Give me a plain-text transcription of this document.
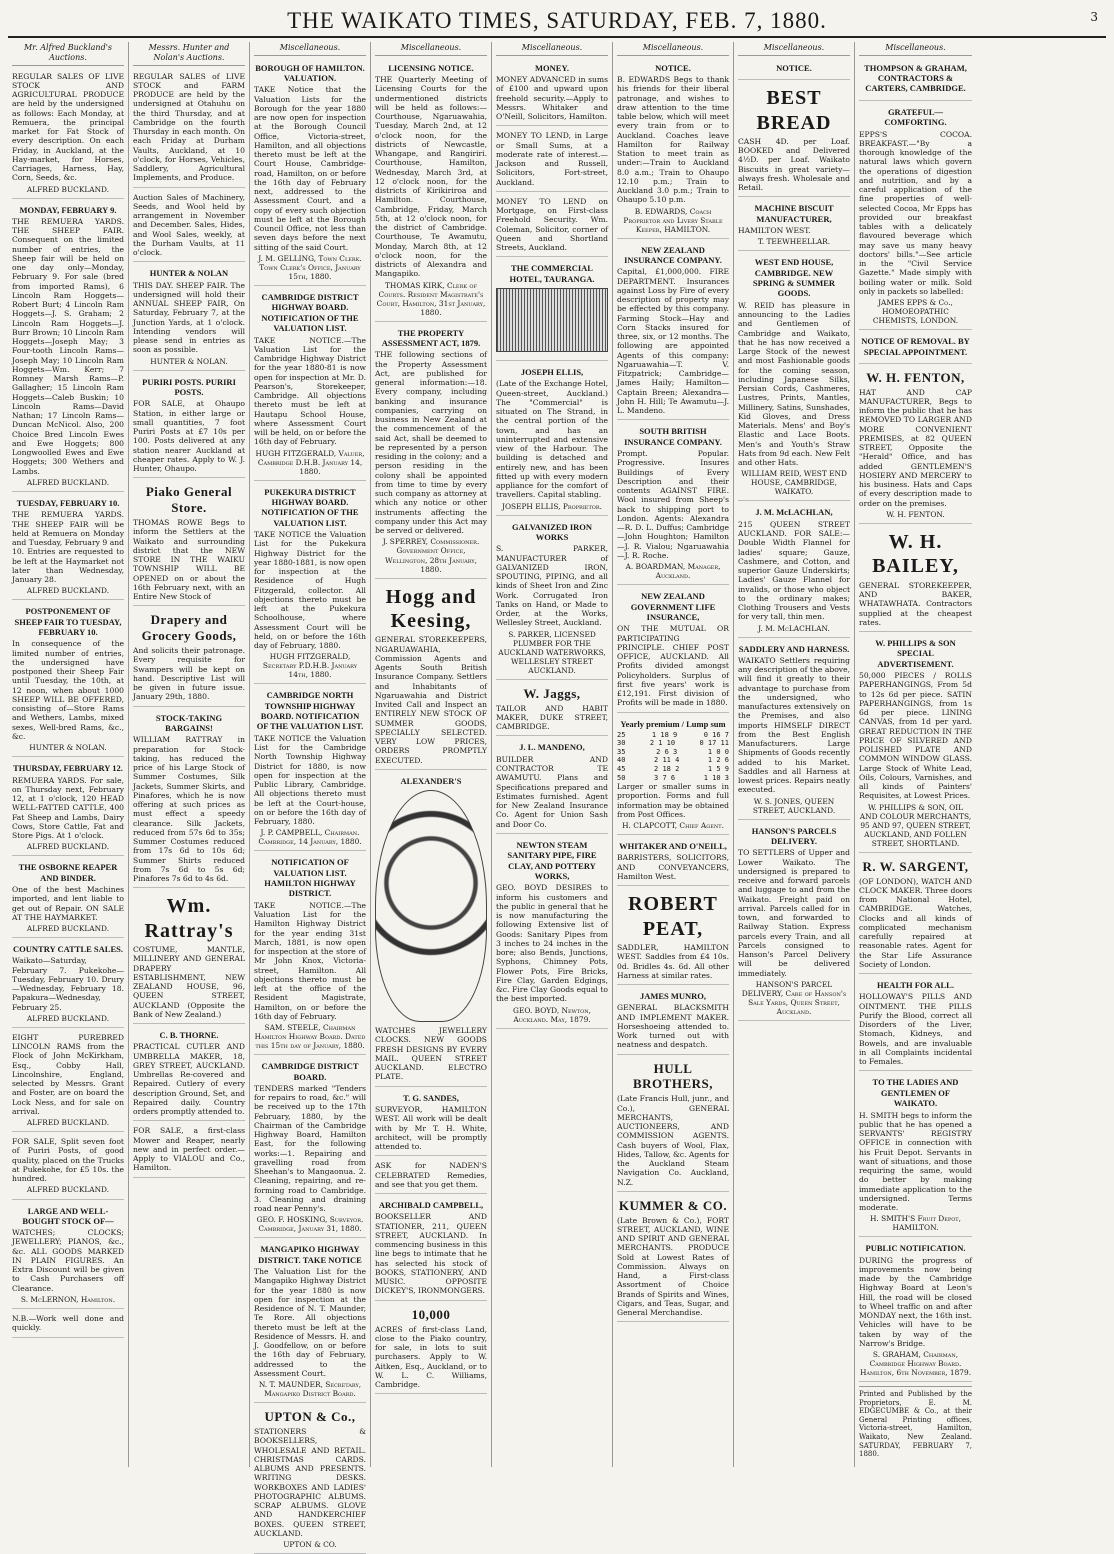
THE WAIKATO TIMES, SATURDAY, FEB. 7, 1880.	3
Mr. Alfred Buckland's Auctions.

REGULAR SALES OF LIVE STOCK AND AGRICULTURAL PRODUCE are held by the undersigned as follows: Each Monday, at Remuera, the principal market for Fat Stock of every description. On each Friday, in Auckland, at the Hay-market, for Horses, Carriages, Harness, Hay, Corn, Seeds, &c.

ALFRED BUCKLAND.
MONDAY, FEBRUARY 9.

THE REMUERA YARDS. THE SHEEP FAIR. Consequent on the limited number of entries, the Sheep fair will be held on one day only—Monday, February 9. For sale (bred from imported Rams), 6 Lincoln Ram Hoggets—Robert Burt; 4 Lincoln Ram Hoggets—J. S. Graham; 2 Lincoln Ram Hoggets—J. Burr Brown; 10 Lincoln Ram Hoggets—Joseph May; 3 Four-tooth Lincoln Rams—Joseph May; 10 Lincoln Ram Hoggets—Wm. Kerr; 7 Romney Marsh Rams—P. Gallagher; 15 Lincoln Ram Hoggets—Caleb Buskin; 10 Lincoln Rams—David Nathan; 17 Lincoln Rams—Duncan McNicol. Also, 200 Choice Bred Lincoln Ewes and Ewe Hoggets; 800 Longwoolled Ewes and Ewe Hoggets; 300 Wethers and Lambs.

ALFRED BUCKLAND.
TUESDAY, FEBRUARY 10.

THE REMUERA YARDS. THE SHEEP FAIR will be held at Remuera on Monday and Tuesday, February 9 and 10. Entries are requested to be left at the Haymarket not later than Wednesday, January 28.

ALFRED BUCKLAND.
POSTPONEMENT OF SHEEP FAIR TO TUESDAY, FEBRUARY 10.

In consequence of the limited number of entries, the undersigned have postponed their Sheep Fair until Tuesday, the 10th, at 12 noon, when about 1000 SHEEP WILL BE OFFERED, consisting of—Store Rams and Wethers, Lambs, mixed sexes, Well-bred Rams, &c., &c.

HUNTER & NOLAN.
THURSDAY, FEBRUARY 12.

REMUERA YARDS. For sale, on Thursday next, February 12, at 1 o'clock, 120 HEAD WELL-FATTED CATTLE, 400 Fat Sheep and Lambs, Dairy Cows, Store Cattle, Fat and Store Pigs. At 1 o'clock.

ALFRED BUCKLAND.
THE OSBORNE REAPER AND BINDER.

One of the best Machines imported, and lent liable to get out of Repair. ON SALE AT THE HAYMARKET.

ALFRED BUCKLAND.
COUNTRY CATTLE SALES.

Waikato—Saturday, February 7. Pukekohe—Tuesday, February 10. Drury—Wednesday, February 18. Papakura—Wednesday, February 25.

ALFRED BUCKLAND.

EIGHT PUREBRED LINCOLN RAMS from the Flock of John McKirkham, Esq., Cobby Hall, Lincolnshire, England, selected by Messrs. Grant and Foster, are on board the Lock Ness, and for sale on arrival.

ALFRED BUCKLAND.

FOR SALE, Split seven foot of Puriri Posts, of good quality, placed on the Trucks at Pukekohe, for £5 10s. the hundred.

ALFRED BUCKLAND.
LARGE AND WELL-BOUGHT STOCK OF—

WATCHES; CLOCKS; JEWELLERY; PIANOS, &c., &c. ALL GOODS MARKED IN PLAIN FIGURES. An Extra Discount will be given to Cash Purchasers off Clearance.

S. McLERNON, Hamilton.

N.B.—Work well done and quickly.

Messrs. Hunter and Nolan's Auctions.

REGULAR SALES of LIVE STOCK and FARM PRODUCE are held by the undersigned at Otahuhu on the third Thursday, and at Cambridge on the fourth Thursday in each month. On each Friday at Durham Vaults, Auckland, at 10 o'clock, for Horses, Vehicles, Saddlery, Agricultural Implements, and Produce.

Auction Sales of Machinery, Seeds, and Wool held by arrangement in November and December. Sales, Hides, and Wool Sales, weekly, at the Durham Vaults, at 11 o'clock.

HUNTER & NOLAN

THIS DAY. SHEEP FAIR. The undersigned will hold their ANNUAL SHEEP FAIR, On Saturday, February 7, at the Junction Yards, at 1 o'clock. Intending vendors will please send in entries as soon as possible.

HUNTER & NOLAN.
PURIRI POSTS. PURIRI POSTS.

FOR SALE, at Ohaupo Station, in either large or small quantities, 7 foot Puriri Posts at £7 10s per 100. Posts delivered at any station nearer Auckland at cheaper rates. Apply to W. J. Hunter, Ohaupo.

Piako General Store.

THOMAS ROWE Begs to inform the Settlers at the Waikato and surrounding district that the NEW STORE IN THE WAIKU TOWNSHIP WILL BE OPENED on or about the 16th February next, with an Entire New Stock of

Drapery and Grocery Goods,

And solicits their patronage. Every requisite for Swampers will be kept on hand. Descriptive List will be given in future issue. January 29th, 1880.

STOCK-TAKING BARGAINS!

WILLIAM RATTRAY in preparation for Stock-taking, has reduced the price of his Large Stock of Summer Costumes, Silk Jackets, Summer Skirts, and Pinafores, which he is now offering at such prices as must effect a speedy clearance. Silk Jackets, reduced from 57s 6d to 35s; Summer Costumes reduced from 17s 6d to 10s 6d; Summer Shirts reduced from 7s 6d to 5s 6d; Pinafores 7s 6d to 4s 6d.

Wm. Rattray's

COSTUME, MANTLE, MILLINERY AND GENERAL DRAPERY ESTABLISHMENT, NEW ZEALAND HOUSE, 96, QUEEN STREET, AUCKLAND (Opposite the Bank of New Zealand.)

C. B. THORNE.

PRACTICAL CUTLER AND UMBRELLA MAKER, 18, GREY STREET, AUCKLAND. Umbrellas Re-covered and Repaired. Cutlery of every description Ground, Set, and Repaired daily. Country orders promptly attended to.

FOR SALE, a first-class Mower and Reaper, nearly new and in perfect order.—Apply to VIALOU and Co., Hamilton.

Miscellaneous.
BOROUGH OF HAMILTON. VALUATION.

TAKE Notice that the Valuation Lists for the Borough for the year 1880 are now open for inspection at the Borough Council Office, Victoria-street, Hamilton, and all objections thereto must be left at the Court House, Cambridge-road, Hamilton, on or before the 16th day of February next, addressed to the Assessment Court, and a copy of every such objection must be left at the Borough Council Office, not less than seven days before the next sitting of the said Court.

J. M. GELLING, Town Clerk. Town Clerk's Office, January 15th, 1880.
CAMBRIDGE DISTRICT HIGHWAY BOARD. NOTIFICATION OF THE VALUATION LIST.

TAKE NOTICE.—The Valuation List for the Cambridge Highway District for the year 1880-81 is now open for inspection at Mr. D. Pearson's, Storekeeper, Cambridge. All objections thereto must be left at Hautapu School House, where Assessment Court will be held, on or before the 16th day of February.

HUGH FITZGERALD, Valuer, Cambridge D.H.B. January 14, 1880.
PUKEKURA DISTRICT HIGHWAY BOARD. NOTIFICATION OF THE VALUATION LIST.

TAKE NOTICE the Valuation List for the Pukekura Highway District for the year 1880-1881, is now open for inspection at the Residence of Hugh Fitzgerald, collector. All objections thereto must be left at the Pukekura Schoolhouse, where Assessment Court will be held, on or before the 16th day of February, 1880.

HUGH FITZGERALD, Secretary P.D.H.B. January 14th, 1880.
CAMBRIDGE NORTH TOWNSHIP HIGHWAY BOARD. NOTIFICATION OF THE VALUATION LIST.

TAKE NOTICE the Valuation List for the Cambridge North Township Highway District for 1880, is now open for inspection at the Public Library, Cambridge. All objections thereto must be left at the Court-house, on or before the 16th day of February, 1880.

J. P. CAMPBELL, Chairman. Cambridge, 14 January, 1880.
NOTIFICATION OF VALUATION LIST. HAMILTON HIGHWAY DISTRICT.

TAKE NOTICE.—The Valuation List for the Hamilton Highway District for the year ending 31st March, 1881, is now open for inspection at the store of Mr John Knox, Victoria-street, Hamilton. All objections thereto must be left at the office of the Resident Magistrate, Hamilton, on or before the 16th day of February.

SAM. STEELE, Chairman Hamilton Highway Board. Dated this 15th day of January, 1880.
CAMBRIDGE DISTRICT BOARD.

TENDERS marked "Tenders for repairs to road, &c." will be received up to the 17th February, 1880, by the Chairman of the Cambridge Highway Board, Hamilton East, for the following works:—1. Repairing and gravelling road from Sheehan's to Mangaonua. 2. Cleaning, repairing, and re-forming road to Cambridge. 3. Cleaning and draining road near Penny's.

GEO. F. HOSKING, Surveyor. Cambridge, January 31, 1880.
MANGAPIKO HIGHWAY DISTRICT. TAKE NOTICE

The Valuation List for the Mangapiko Highway District for the year 1880 is now open for inspection at the Residence of N. T. Maunder, Te Rore. All objections thereto must be left at the Residence of Messrs. H. and J. Goodfellow, on or before the 16th day of February, addressed to the Assessment Court.

N. T. MAUNDER, Secretary, Mangapiko District Board.
UPTON & Co.,

STATIONERS & BOOKSELLERS, WHOLESALE AND RETAIL. CHRISTMAS CARDS. ALBUMS AND PRESENTS. WRITING DESKS. WORKBOXES AND LADIES' PHOTOGRAPHIC ALBUMS. SCRAP ALBUMS. GLOVE AND HANDKERCHIEF BOXES. QUEEN STREET, AUCKLAND.

UPTON & CO.
Miscellaneous.
LICENSING NOTICE.

THE Quarterly Meeting of Licensing Courts for the undermentioned districts will be held as follows:—Courthouse, Ngaruawahia, Tuesday, March 2nd, at 12 o'clock noon, for the districts of Newcastle, Whangape, and Rangiriri. Courthouse, Hamilton, Wednesday, March 3rd, at 12 o'clock noon, for the districts of Kirikiriroa and Hamilton. Courthouse, Cambridge, Friday, March 5th, at 12 o'clock noon, for the district of Cambridge. Courthouse, Te Awamutu, Monday, March 8th, at 12 o'clock noon, for the districts of Alexandra and Mangapiko.

THOMAS KIRK, Clerk of Courts. Resident Magistrate's Court, Hamilton, 31st January, 1880.
THE PROPERTY ASSESSMENT ACT, 1879.

THE following sections of the Property Assessment Act, are published for general information:—18. Every company, including banking and insurance companies, carrying on business in New Zealand at the commencement of the said Act, shall be deemed to be represented by a person residing in the colony; and a person residing in the colony shall be appointed from time to time by every such company as attorney at which any notice or other instruments affecting the company under this Act may be served or delivered.

J. SPERREY, Commissioner. Government Office, Wellington, 28th January, 1880.
Hogg and Keesing,

GENERAL STOREKEEPERS, NGARUAWAHIA, Commission Agents and Agents South British Insurance Company. Settlers and Inhabitants of Ngaruawahia and District Invited Call and Inspect an ENTIRELY NEW STOCK OF SUMMER GOODS, SPECIALLY SELECTED. VERY LOW PRICES, ORDERS PROMPTLY EXECUTED.

ALEXANDER'S

WATCHES JEWELLERY CLOCKS. NEW GOODS FRESH DESIGNS BY EVERY MAIL. QUEEN STREET AUCKLAND. ELECTRO PLATE.

T. G. SANDES,

SURVEYOR, HAMILTON WEST. All work will be dealt with by Mr T. H. White, architect, will be promptly attended to.

ASK for NADEN'S CELEBRATED Remedies, and see that you get them.

ARCHIBALD CAMPBELL,

BOOKSELLER AND STATIONER, 211, QUEEN STREET, AUCKLAND. In commencing business in this line begs to intimate that he has selected his stock of BOOKS, STATIONERY, AND MUSIC. OPPOSITE DICKEY'S, IRONMONGERS.

10,000

ACRES of first-class Land, close to the Piako country, for sale, in lots to suit purchasers. Apply to W. Aitken, Esq., Auckland, or to W. L. C. Williams, Cambridge.

Miscellaneous.
MONEY.

MONEY ADVANCED in sums of £100 and upward upon freehold security.—Apply to Messrs. Whitaker and O'Neill, Solicitors, Hamilton.

MONEY TO LEND, in Large or Small Sums, at a moderate rate of interest.—Jackson and Russell, Solicitors, Fort-street, Auckland.

MONEY TO LEND on Mortgage, on First-class Freehold Security. Wm. Coleman, Solicitor, corner of Queen and Shortland Streets, Auckland.

THE COMMERCIAL HOTEL, TAURANGA.
JOSEPH ELLIS,

(Late of the Exchange Hotel, Queen-street, Auckland.) The "Commercial" is situated on The Strand, in the central portion of the town, and has an uninterrupted and extensive view of the Harbour. The building is detached and entirely new, and has been fitted up with every modern appliance for the comfort of travellers. Capital stabling.

JOSEPH ELLIS, Proprietor.
GALVANIZED IRON WORKS

S. PARKER, MANUFACTURER of GALVANIZED IRON, SPOUTING, PIPING, and all kinds of Sheet Iron and Zinc Work. Corrugated Iron Tanks on Hand, or Made to Order, at the Works, Wellesley Street, Auckland.

S. PARKER, LICENSED PLUMBER FOR THE AUCKLAND WATERWORKS, WELLESLEY STREET AUCKLAND.
W. Jaggs,

TAILOR AND HABIT MAKER, DUKE STREET, CAMBRIDGE.

J. L. MANDENO,

BUILDER AND CONTRACTOR TE AWAMUTU. Plans and Specifications prepared and Estimates furnished. Agent for New Zealand Insurance Co. Agent for Union Sash and Door Co.

NEWTON STEAM SANITARY PIPE, FIRE CLAY, AND POTTERY WORKS,

GEO. BOYD DESIRES to inform his customers and the public in general that he is now manufacturing the following Extensive list of Goods: Sanitary Pipes from 3 inches to 24 inches in the bore; also Bends, Junctions, Syphons, Chimney Pots, Flower Pots, Fire Bricks, Fire Clay, Garden Edgings, &c. Fire Clay Goods equal to the best imported.

GEO. BOYD, Newton, Auckland. May, 1879.
Miscellaneous.
NOTICE.

B. EDWARDS Begs to thank his friends for their liberal patronage, and wishes to draw attention to the time table below, which will meet every train from or to Auckland. Coaches leave Hamilton for Railway Station to meet train as under:—Train to Auckland 8.0 a.m.; Train to Ohaupo 12.10 p.m.; Train to Auckland 3.0 p.m.; Train to Ohaupo 5.10 p.m.

B. EDWARDS, Coach Proprietor and Livery Stable Keeper, HAMILTON.
NEW ZEALAND INSURANCE COMPANY.

Capital, £1,000,000. FIRE DEPARTMENT. Insurances against Loss by Fire of every description of property may be effected by this company. Farming Stock—Hay and Corn Stacks insured for three, six, or 12 months. The following are appointed Agents of this company: Ngaruawahia—T. V. Fitzpatrick; Cambridge—James Haily; Hamilton—Captain Breen; Alexandra—John H. Hill; Te Awamutu—J. L. Mandeno.

SOUTH BRITISH INSURANCE COMPANY.

Prompt. Popular. Progressive. Insures Buildings of Every Description and their contents AGAINST FIRE. Wool insured from Sheep's back to shipping port to London. Agents: Alexandra—R. D. L. Duffus; Cambridge—John Houghton; Hamilton—J. R. Vialou; Ngaruawahia—J. R. Roche.

A. BOARDMAN, Manager, Auckland.
NEW ZEALAND GOVERNMENT LIFE INSURANCE,

ON THE MUTUAL OR PARTICIPATING PRINCIPLE. CHIEF POST OFFICE, AUCKLAND. All Profits divided amongst Policyholders. Surplus of first five years' work is £12,191. First division of Profits will be made in 1880.

Yearly premium / Lump sum
25	1 18 9	0 16 7
30	2 1 10	0 17 11
35	2 6 3	1 0 0
40	2 11 4	1 2 6
45	2 18 2	1 5 9
50	3 7 6	1 10 3

Larger or smaller sums in proportion. Forms and full information may be obtained from Post Offices.

H. CLAPCOTT, Chief Agent.
WHITAKER AND O'NEILL,

BARRISTERS, SOLICITORS, AND CONVEYANCERS, Hamilton West.

ROBERT PEAT,

SADDLER, HAMILTON WEST. Saddles from £4 10s. 0d. Bridles 4s. 6d. All other Harness at similar rates.

JAMES MUNRO,

GENERAL BLACKSMITH AND IMPLEMENT MAKER. Horseshoeing attended to. Work turned out with neatness and despatch.

HULL BROTHERS,

(Late Francis Hull, junr., and Co.), GENERAL MERCHANTS, AUCTIONEERS, AND COMMISSION AGENTS. Cash buyers of Wool, Flax, Hides, Tallow, &c. Agents for the Auckland Steam Navigation Co. Auckland, N.Z.

KUMMER & CO.

(Late Brown & Co.), FORT STREET, AUCKLAND, WINE AND SPIRIT AND GENERAL MERCHANTS. PRODUCE Sold at Lowest Rates of Commission. Always on Hand, a First-class Assortment of Choice Brands of Spirits and Wines, Cigars, and Teas, Sugar, and General Merchandise.

Miscellaneous.
NOTICE.
BEST BREAD

CASH 4D. per Loaf. BOOKED and Delivered 4½D. per Loaf. Waikato Biscuits in great variety—always fresh. Wholesale and Retail.

MACHINE BISCUIT MANUFACTURER,

HAMILTON WEST.

T. TEEWHEELLAR.
WEST END HOUSE, CAMBRIDGE. NEW SPRING & SUMMER GOODS.

W. REID has pleasure in announcing to the Ladies and Gentlemen of Cambridge and Waikato, that he has now received a Large Stock of the newest and most Fashionable goods for the coming season, including Japanese Silks, Persian Cords, Cashmeres, Lustres, Prints, Mantles, Millinery, Satins, Sunshades, Kid Gloves, and Dress Materials. Mens' and Boy's Elastic and Lace Boots. Men's and Youth's Straw Hats from 9d each. New Felt and other Hats.

WILLIAM REID, WEST END HOUSE, CAMBRIDGE, WAIKATO.
J. M. McLACHLAN,

215 QUEEN STREET AUCKLAND. FOR SALE:—Double Width Flannel for ladies' square; Gauze, Cashmere, and Cotton, and superior Gauze Underskirts; Ladies' Gauze Flannel for invalids, or those who object to the ordinary makes; Clothing Trousers and Vests for very tall, thin men.

J. M. McLACHLAN.
SADDLERY AND HARNESS.

WAIKATO Settlers requiring any description of the above, will find it greatly to their advantage to purchase from the undersigned, who manufactures extensively on the Premises, and also imports HIMSELF DIRECT from the Best English Manufacturers. Large Shipments of Goods recently added to his Market. Saddles and all Harness at lowest prices. Repairs neatly executed.

W. S. JONES, QUEEN STREET, AUCKLAND.
HANSON'S PARCELS DELIVERY.

TO SETTLERS of Upper and Lower Waikato. The undersigned is prepared to receive and forward parcels and luggage to and from the Waikato. Freight paid on arrival. Parcels called for in town, and forwarded to Railway Station. Express parcels every Train, and all Parcels consigned to Hanson's Parcel Delivery will be delivered immediately.

HANSON'S PARCEL DELIVERY, Care of Hanson's Sale Yards, Queen Street, Auckland.
Miscellaneous.
THOMPSON & GRAHAM, CONTRACTORS & CARTERS, CAMBRIDGE.
GRATEFUL—COMFORTING.

EPPS'S COCOA. BREAKFAST.—"By a thorough knowledge of the natural laws which govern the operations of digestion and nutrition, and by a careful application of the fine properties of well-selected Cocoa, Mr Epps has provided our breakfast tables with a delicately flavoured beverage which may save us many heavy doctors' bills."—See article in the "Civil Service Gazette." Made simply with boiling water or milk. Sold only in packets so labelled:

JAMES EPPS & Co., HOMOEOPATHIC CHEMISTS, LONDON.
NOTICE OF REMOVAL. BY SPECIAL APPOINTMENT.
W. H. FENTON,

HAT AND CAP MANUFACTURER, Begs to inform the public that he has REMOVED TO LARGER AND MORE CONVENIENT PREMISES, at 82 QUEEN STREET, Opposite the "Herald" Office, and has added GENTLEMEN'S HOSIERY AND MERCERY to his business. Hats and Caps of every description made to order on the premises.

W. H. FENTON.
W. H. BAILEY,

GENERAL STOREKEEPER, AND BAKER, WHATAWHATA. Contractors supplied at the cheapest rates.

W. PHILLIPS & SON SPECIAL ADVERTISEMENT.

50,000 PIECES / ROLLS PAPERHANGINGS, From 5d to 12s 6d per piece. SATIN PAPERHANGINGS, from 1s 6d per piece. LINING CANVAS, from 1d per yard. GREAT REDUCTION IN THE PRICE OF SILVERED AND POLISHED PLATE AND COMMON WINDOW GLASS. Large Stock of White Lead, Oils, Colours, Varnishes, and all kinds of Painters' Requisites, at Lowest Prices.

W. PHILLIPS & SON, OIL AND COLOUR MERCHANTS, 95 AND 97, QUEEN STREET, AUCKLAND, AND FOLLEN STREET, SHORTLAND.
R. W. SARGENT,

(OF LONDON), WATCH AND CLOCK MAKER. Three doors from National Hotel, CAMBRIDGE. Watches, Clocks and all kinds of complicated mechanism carefully repaired at reasonable rates. Agent for the Star Life Assurance Society of London.

HEALTH FOR ALL.

HOLLOWAY'S PILLS AND OINTMENT. THE PILLS Purify the Blood, correct all Disorders of the Liver, Stomach, Kidneys, and Bowels, and are invaluable in all Complaints incidental to Females.

TO THE LADIES AND GENTLEMEN OF WAIKATO.

H. SMITH begs to inform the public that he has opened a SERVANTS' REGISTRY OFFICE in connection with his Fruit Depot. Servants in want of situations, and those requiring the same, would do better by making immediate application to the undersigned. Terms moderate.

H. SMITH'S Fruit Depot, HAMILTON.
PUBLIC NOTIFICATION.

DURING the progress of improvements now being made by the Cambridge Highway Board at Leon's Hill, the road will be closed to Wheel traffic on and after MONDAY next, the 16th inst. Vehicles will have to be taken by way of the Narrow's Bridge.

S. GRAHAM, Chairman, Cambridge Highway Board. Hamilton, 6th November, 1879.
Printed and Published by the Proprietors, E. M. EDGECUMBE & Co., at their General Printing offices, Victoria-street, Hamilton, Waikato, New Zealand. SATURDAY, FEBRUARY 7, 1880.
